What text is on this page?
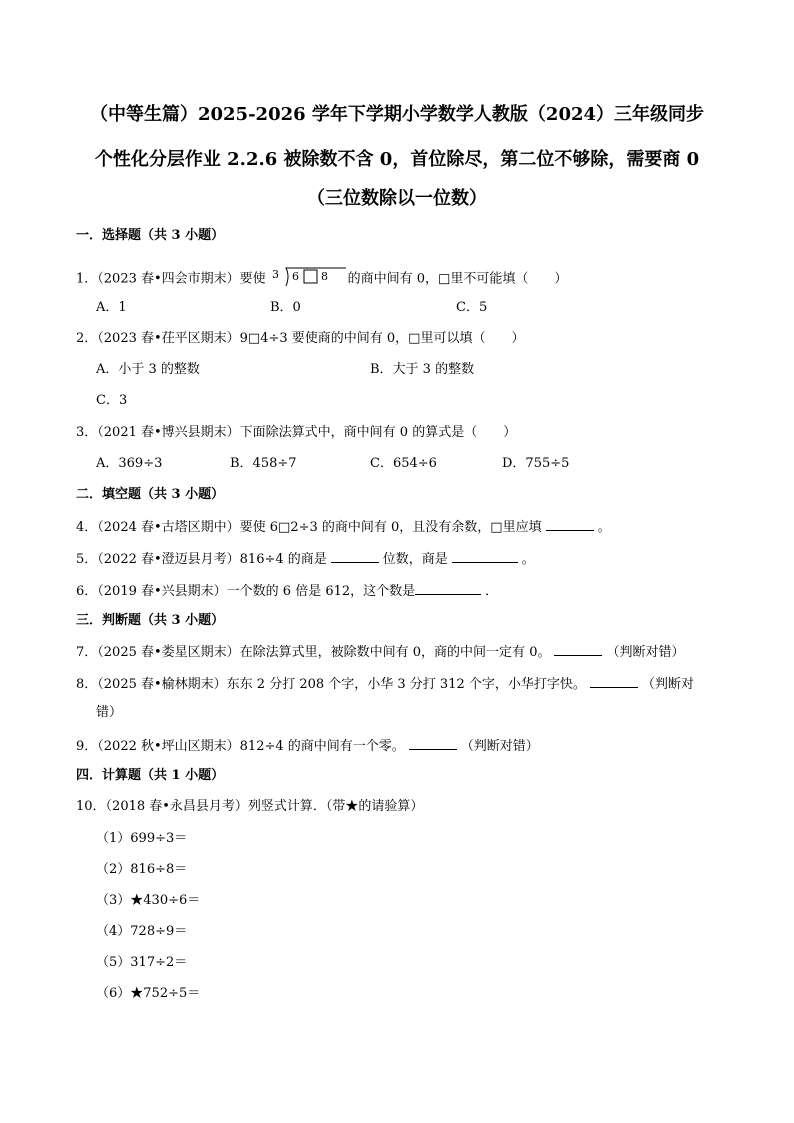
（中等生篇）2025-2026 学年下学期小学数学人教版（2024）三年级同步
个性化分层作业 2.2.6 被除数不含 0，首位除尽，第二位不够除，需要商 0
（三位数除以一位数）
一．选择题（共 3 小题）
1．（2023 春•四会市期末）要使 3 6 8 的商中间有 0，□里不可能填（　　）
A．1	B．0	C．5
2．（2023 春•茌平区期末）9□4÷3 要使商的中间有 0，□里可以填（　　）
A．小于 3 的整数	B．大于 3 的整数
C．3
3．（2021 春•博兴县期末）下面除法算式中，商中间有 0 的算式是（　　）
A．369÷3	B．458÷7	C．654÷6	D．755÷5
二．填空题（共 3 小题）
4．（2024 春•古塔区期中）要使 6□2÷3 的商中间有 0，且没有余数，□里应填	。
5．（2022 春•澄迈县月考）816÷4 的商是	位数，商是	。
6．（2019 春•兴县期末）一个数的 6 倍是 612，这个数是	．
三．判断题（共 3 小题）
7．（2025 春•娄星区期末）在除法算式里，被除数中间有 0，商的中间一定有 0。	（判断对错）
8．（2025 春•榆林期末）东东 2 分打 208 个字，小华 3 分打 312 个字，小华打字快。	（判断对
错）
9．（2022 秋•坪山区期末）812÷4 的商中间有一个零。	（判断对错）
四．计算题（共 1 小题）
10．（2018 春•永昌县月考）列竖式计算．（带★的请验算）
（1）699÷3＝
（2）816÷8＝
（3）★430÷6＝
（4）728÷9＝
（5）317÷2＝
（6）★752÷5＝
